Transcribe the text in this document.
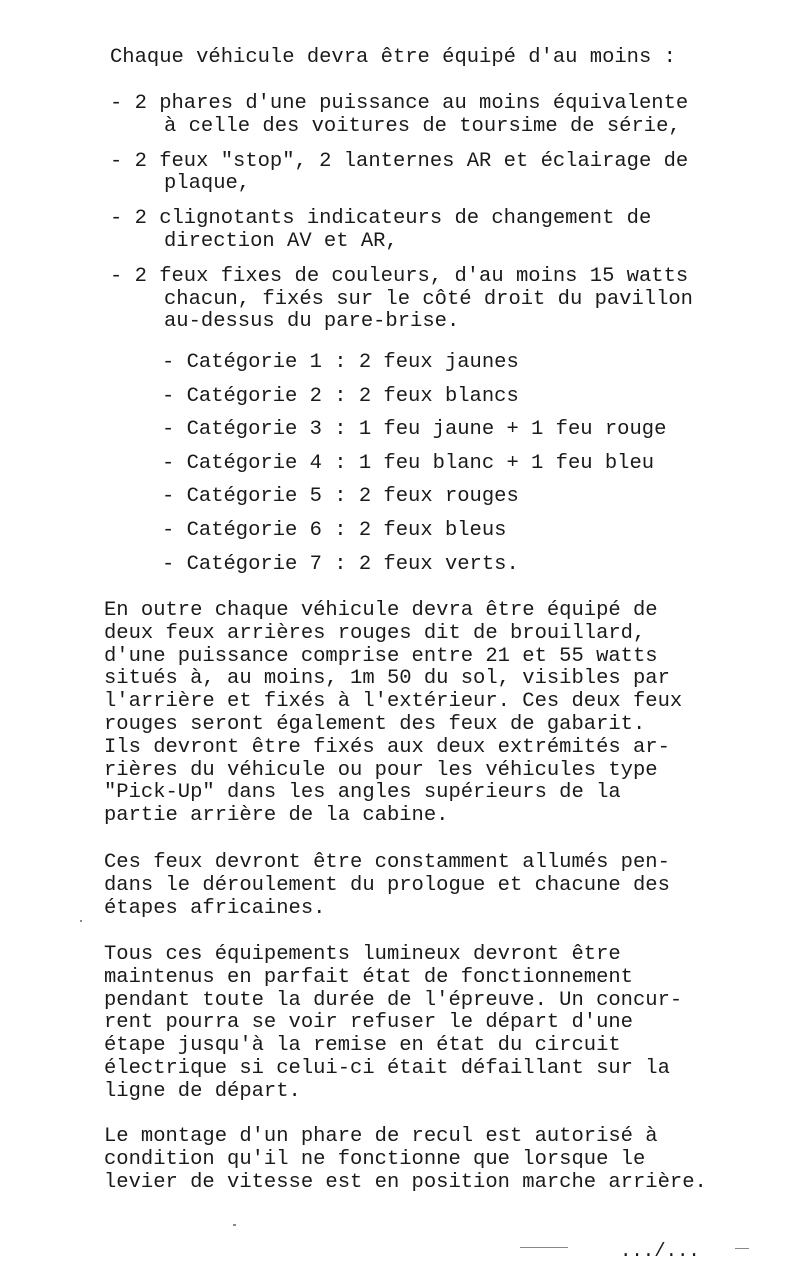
Chaque véhicule devra être équipé d'au moins :
- 2 phares d'une puissance au moins équivalente
à celle des voitures de toursime de série,
- 2 feux "stop", 2 lanternes AR et éclairage de
plaque,
- 2 clignotants indicateurs de changement de
direction AV et AR,
- 2 feux fixes de couleurs, d'au moins 15 watts
chacun, fixés sur le côté droit du pavillon
au-dessus du pare-brise.
- Catégorie 1 : 2 feux jaunes
- Catégorie 2 : 2 feux blancs
- Catégorie 3 : 1 feu jaune + 1 feu rouge
- Catégorie 4 : 1 feu blanc + 1 feu bleu
- Catégorie 5 : 2 feux rouges
- Catégorie 6 : 2 feux bleus
- Catégorie 7 : 2 feux verts.
En outre chaque véhicule devra être équipé de
deux feux arrières rouges dit de brouillard,
d'une puissance comprise entre 21 et 55 watts
situés à, au moins, 1m 50 du sol, visibles par
l'arrière et fixés à l'extérieur. Ces deux feux
rouges seront également des feux de gabarit.
Ils devront être fixés aux deux extrémités ar-
rières du véhicule ou pour les véhicules type
"Pick-Up" dans les angles supérieurs de la
partie arrière de la cabine.
Ces feux devront être constamment allumés pen-
dans le déroulement du prologue et chacune des
étapes africaines.
Tous ces équipements lumineux devront être
maintenus en parfait état de fonctionnement
pendant toute la durée de l'épreuve. Un concur-
rent pourra se voir refuser le départ d'une
étape jusqu'à la remise en état du circuit
électrique si celui-ci était défaillant sur la
ligne de départ.
Le montage d'un phare de recul est autorisé à
condition qu'il ne fonctionne que lorsque le
levier de vitesse est en position marche arrière.
.../...
